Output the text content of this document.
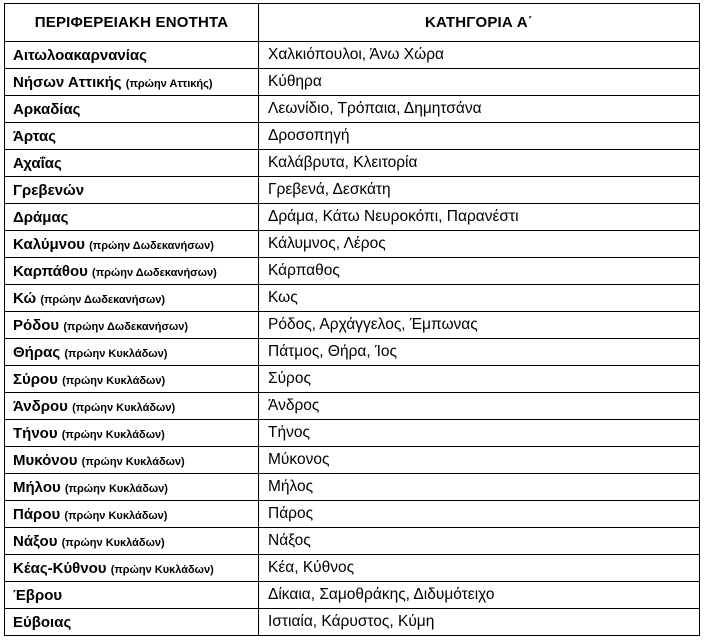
ΠΕΡΙΦΕΡΕΙΑΚΗ ΕΝΟΤΗΤΑ	ΚΑΤΗΓΟΡΙΑ Α΄
Αιτωλοακαρνανίας	Χαλκιόπουλοι, Άνω Χώρα
Νήσων Αττικής (πρώην Αττικής)	Κύθηρα
Αρκαδίας	Λεωνίδιο, Τρόπαια, Δημητσάνα
Άρτας	Δροσοπηγή
Αχαΐας	Καλάβρυτα, Κλειτορία
Γρεβενών	Γρεβενά, Δεσκάτη
Δράμας	Δράμα, Κάτω Νευροκόπι, Παρανέστι
Καλύμνου (πρώην Δωδεκανήσων)	Κάλυμνος, Λέρος
Καρπάθου (πρώην Δωδεκανήσων)	Κάρπαθος
Κώ (πρώην Δωδεκανήσων)	Κως
Ρόδου (πρώην Δωδεκανήσων)	Ρόδος, Αρχάγγελος, Έμπωνας
Θήρας (πρώην Κυκλάδων)	Πάτμος, Θήρα, Ίος
Σύρου (πρώην Κυκλάδων)	Σύρος
Άνδρου (πρώην Κυκλάδων)	Άνδρος
Τήνου (πρώην Κυκλάδων)	Τήνος
Μυκόνου (πρώην Κυκλάδων)	Μύκονος
Μήλου (πρώην Κυκλάδων)	Μήλος
Πάρου (πρώην Κυκλάδων)	Πάρος
Νάξου (πρώην Κυκλάδων)	Νάξος
Κέας-Κύθνου (πρώην Κυκλάδων)	Κέα, Κύθνος
Έβρου	Δίκαια, Σαμοθράκης, Διδυμότειχο
Εύβοιας	Ιστιαία, Κάρυστος, Κύμη
